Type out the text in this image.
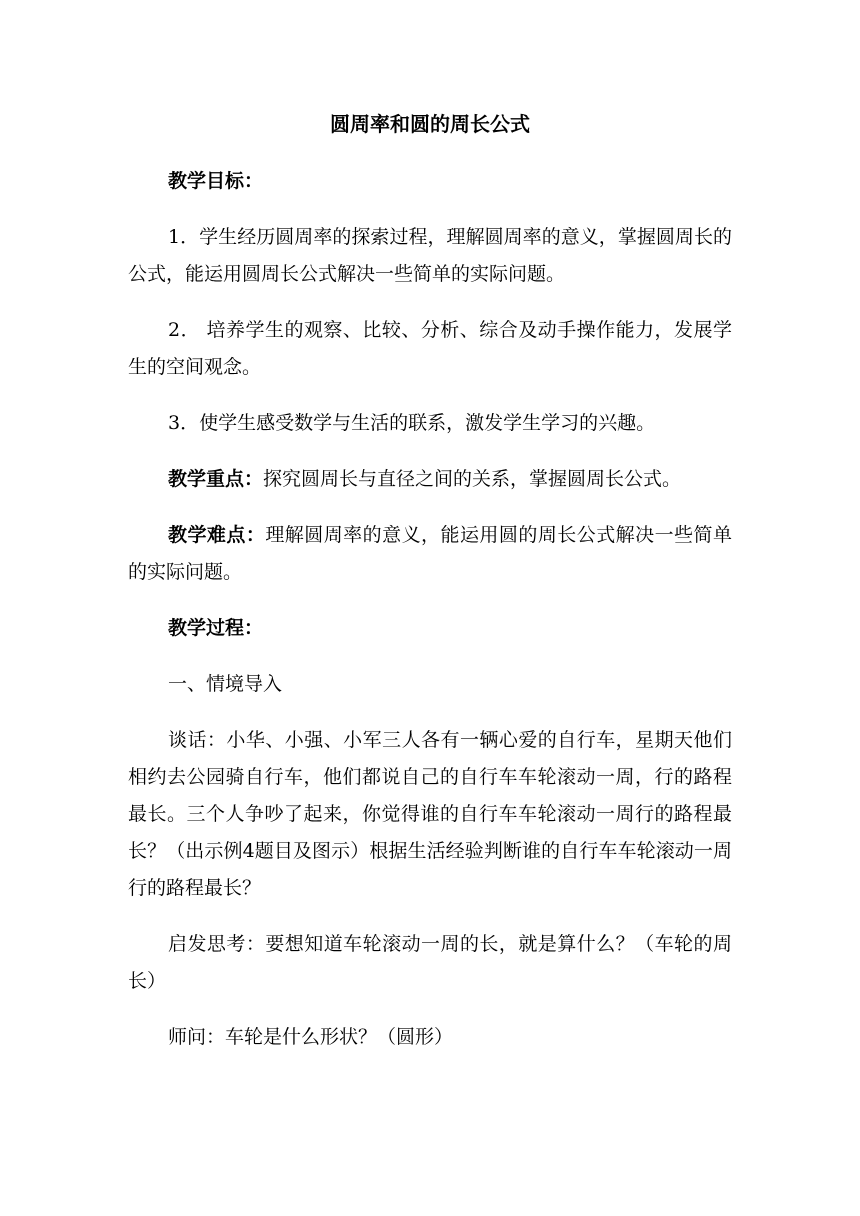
圆周率和圆的周长公式
教学目标：
1．学生经历圆周率的探索过程，理解圆周率的意义，掌握圆周长的公式，能运用圆周长公式解决一些简单的实际问题。
2． 培养学生的观察、比较、分析、综合及动手操作能力，发展学生的空间观念。
3．使学生感受数学与生活的联系，激发学生学习的兴趣。
教学重点：探究圆周长与直径之间的关系，掌握圆周长公式。
教学难点：理解圆周率的意义，能运用圆的周长公式解决一些简单的实际问题。
教学过程：
一、情境导入
谈话：小华、小强、小军三人各有一辆心爱的自行车，星期天他们相约去公园骑自行车，他们都说自己的自行车车轮滚动一周，行的路程最长。三个人争吵了起来，你觉得谁的自行车车轮滚动一周行的路程最长？（出示例4题目及图示）根据生活经验判断谁的自行车车轮滚动一周行的路程最长？
启发思考：要想知道车轮滚动一周的长，就是算什么？（车轮的周长）
师问：车轮是什么形状？（圆形）
